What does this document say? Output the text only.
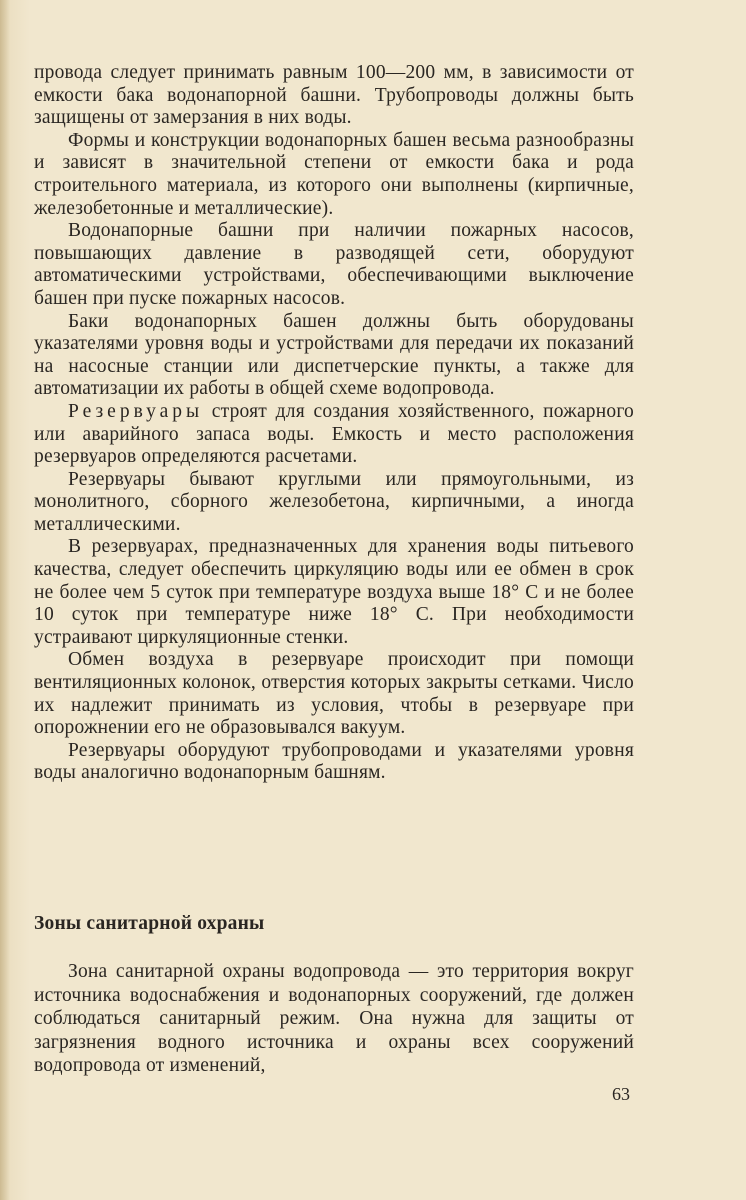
провода следует принимать равным 100—200 мм, в зависимости от емкости бака водонапорной башни. Трубопроводы должны быть защищены от замерзания в них воды.

Формы и конструкции водонапорных башен весьма разнообразны и зависят в значительной степени от емкости бака и рода строительного материала, из которого они выполнены (кирпичные, железобетонные и металлические).

Водонапорные башни при наличии пожарных насосов, повышающих давление в разводящей сети, оборудуют автоматическими устройствами, обеспечивающими выключение башен при пуске пожарных насосов.

Баки водонапорных башен должны быть оборудованы указателями уровня воды и устройствами для передачи их показаний на насосные станции или диспетчерские пункты, а также для автоматизации их работы в общей схеме водопровода.

Резервуары строят для создания хозяйственного, пожарного или аварийного запаса воды. Емкость и место расположения резервуаров определяются расчетами.

Резервуары бывают круглыми или прямоугольными, из монолитного, сборного железобетона, кирпичными, а иногда металлическими.

В резервуарах, предназначенных для хранения воды питьевого качества, следует обеспечить циркуляцию воды или ее обмен в срок не более чем 5 суток при температуре воздуха выше 18° С и не более 10 суток при температуре ниже 18° С. При необходимости устраивают циркуляционные стенки.

Обмен воздуха в резервуаре происходит при помощи вентиляционных колонок, отверстия которых закрыты сетками. Число их надлежит принимать из условия, чтобы в резервуаре при опорожнении его не образовывался вакуум.

Резервуары оборудуют трубопроводами и указателями уровня воды аналогично водонапорным башням.

Зоны санитарной охраны

Зона санитарной охраны водопровода — это территория вокруг источника водоснабжения и водонапорных сооружений, где должен соблюдаться санитарный режим. Она нужна для защиты от загрязнения водного источника и охраны всех сооружений водопровода от изменений,

63
